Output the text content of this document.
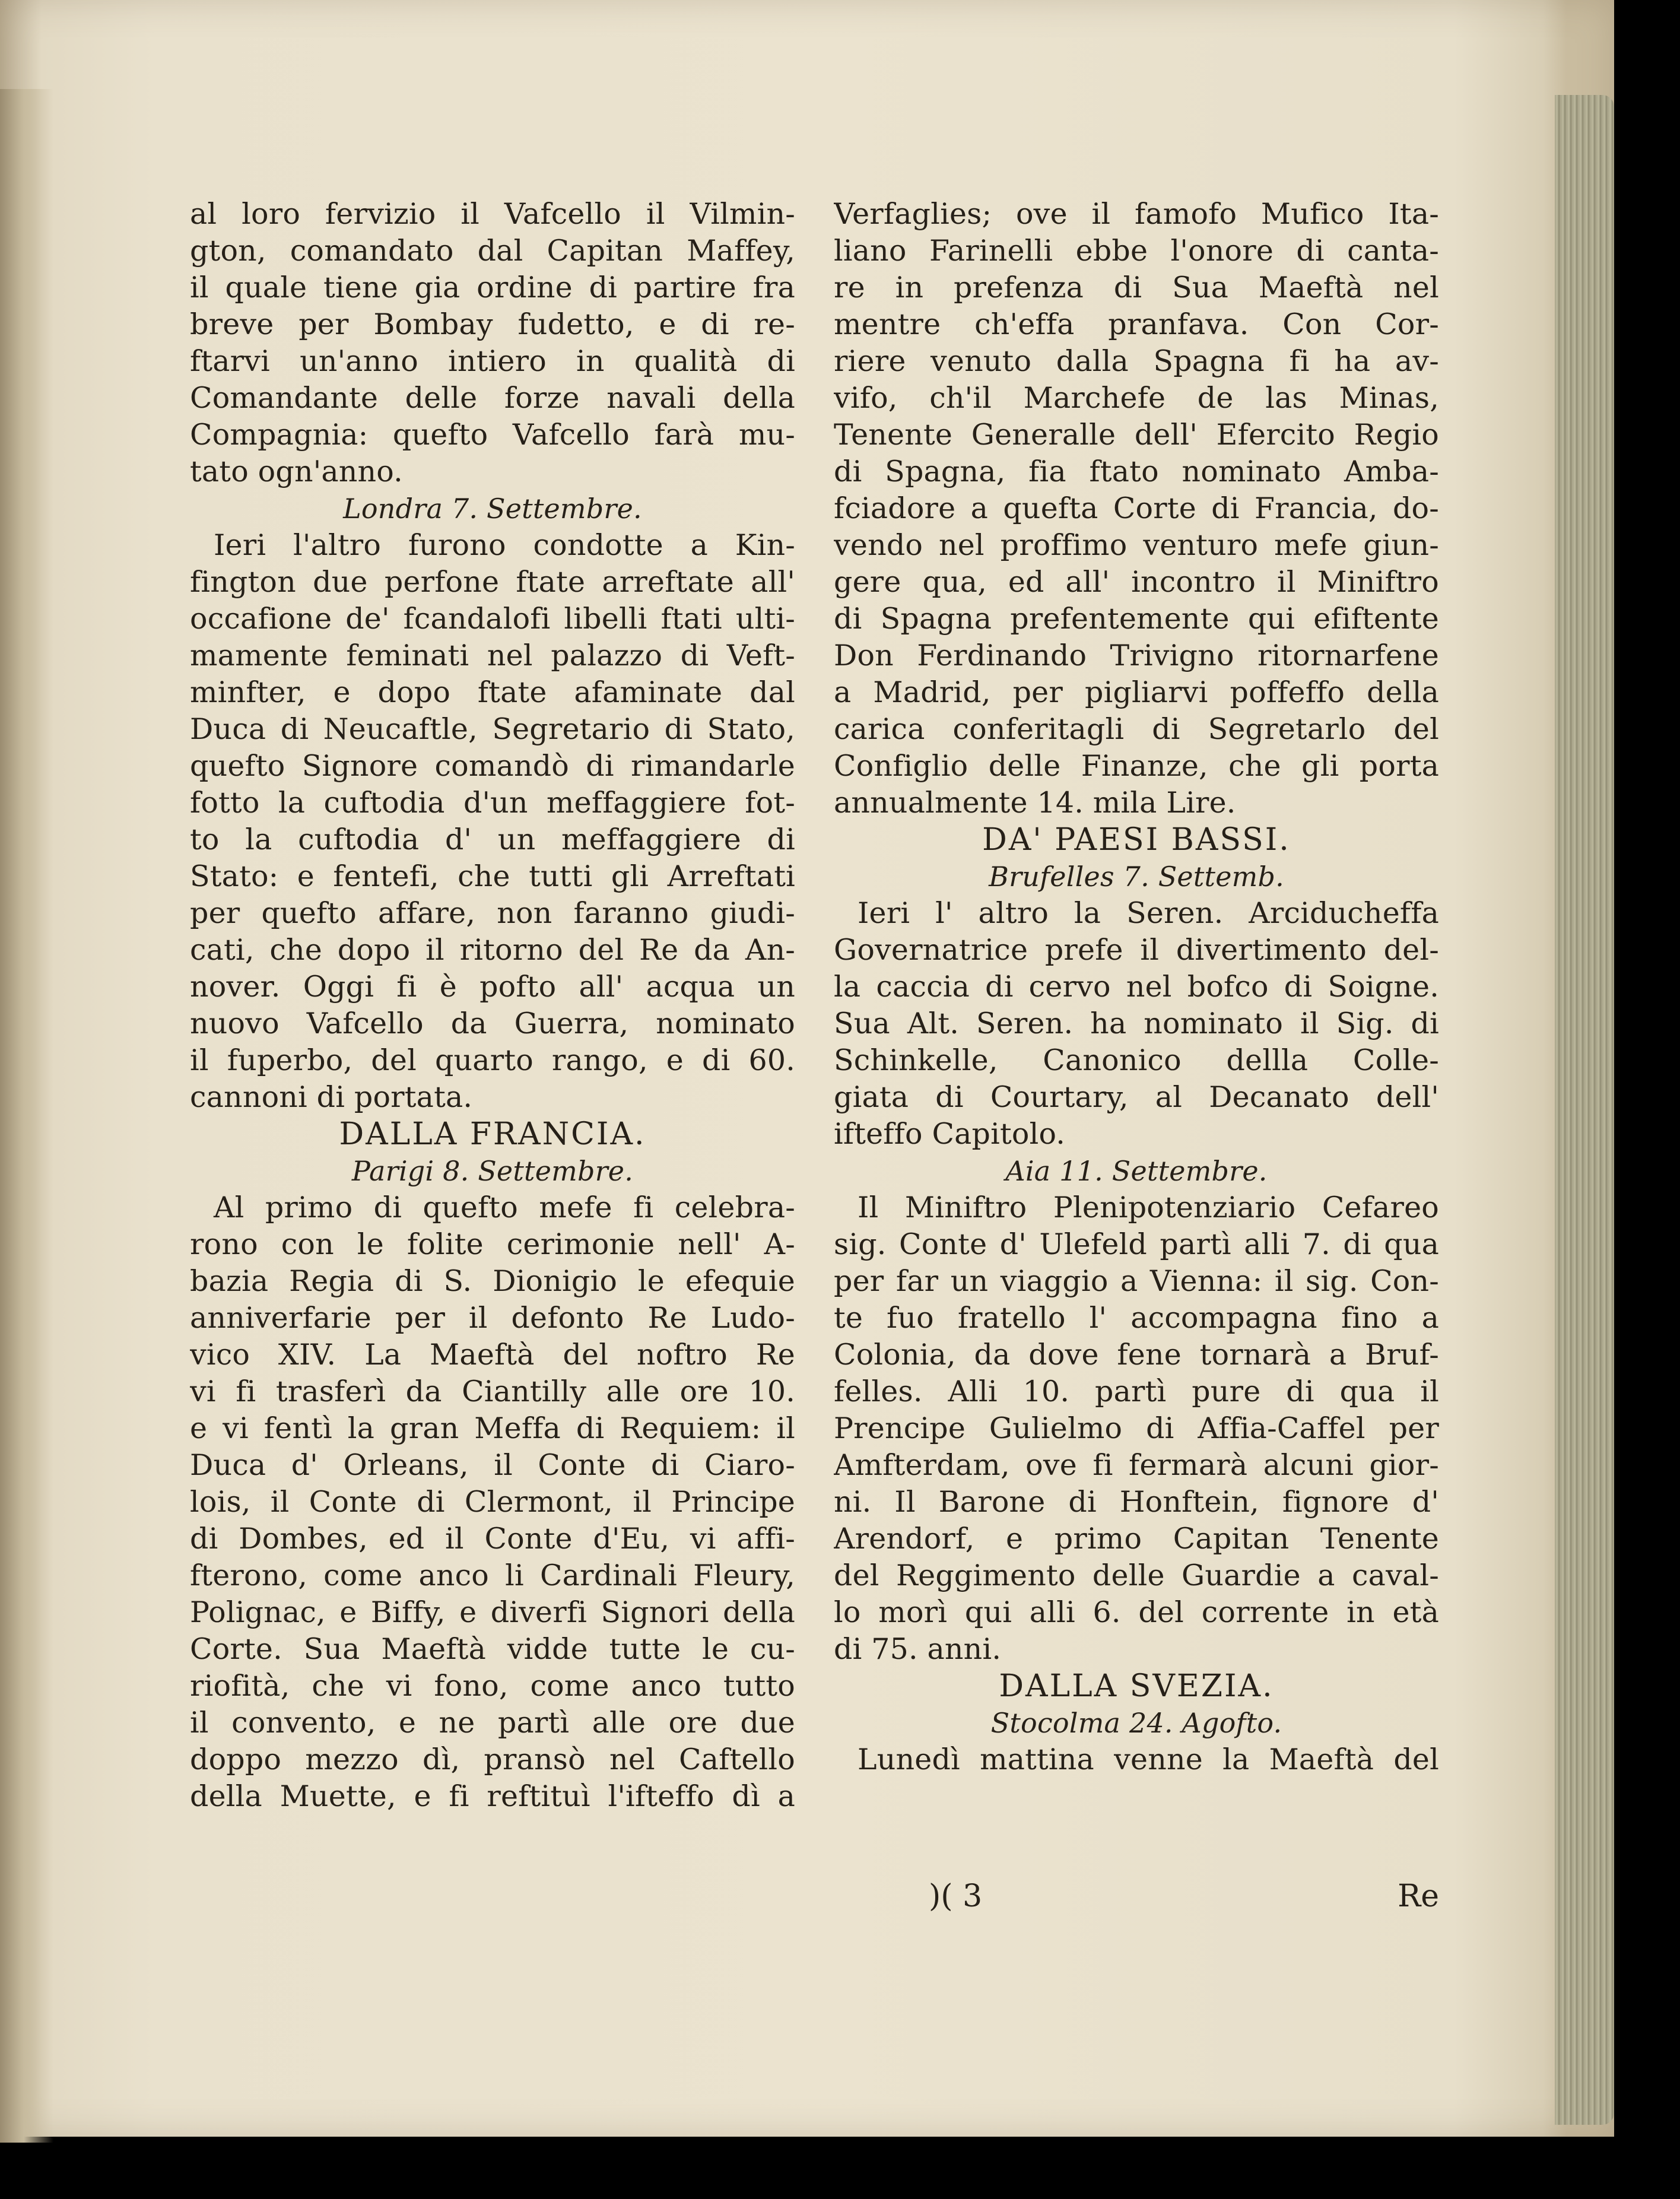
al loro fervizio il Vafcello il Vilmin-
gton, comandato dal Capitan Maffey,
il quale tiene gia ordine di partire fra
breve per Bombay fudetto, e di re-
ftarvi un'anno intiero in qualità di
Comandante delle forze navali della
Compagnia: quefto Vafcello farà mu-
tato ogn'anno.
Londra 7. Settembre.
Ieri l'altro furono condotte a Kin-
fington due perfone ftate arreftate all'
occafione de' fcandalofi libelli ftati ulti-
mamente feminati nel palazzo di Veft-
minfter, e dopo ftate afaminate dal
Duca di Neucaftle, Segretario di Stato,
quefto Signore comandò di rimandarle
fotto la cuftodia d'un meffaggiere fot-
to la cuftodia d' un meffaggiere di
Stato: e fentefi, che tutti gli Arreftati
per quefto affare, non faranno giudi-
cati, che dopo il ritorno del Re da An-
nover. Oggi fi è pofto all' acqua un
nuovo Vafcello da Guerra, nominato
il fuperbo, del quarto rango, e di 60.
cannoni di portata.
DALLA FRANCIA.
Parigi 8. Settembre.
Al primo di quefto mefe fi celebra-
rono con le folite cerimonie nell' A-
bazia Regia di S. Dionigio le efequie
anniverfarie per il defonto Re Ludo-
vico XIV. La Maeftà del noftro Re
vi fi trasferì da Ciantilly alle ore 10.
e vi fentì la gran Meffa di Requiem: il
Duca d' Orleans, il Conte di Ciaro-
lois, il Conte di Clermont, il Principe
di Dombes, ed il Conte d'Eu, vi affi-
fterono, come anco li Cardinali Fleury,
Polignac, e Biffy, e diverfi Signori della
Corte. Sua Maeftà vidde tutte le cu-
riofità, che vi fono, come anco tutto
il convento, e ne partì alle ore due
doppo mezzo dì, pransò nel Caftello
della Muette, e fi reftituì l'ifteffo dì a
Verfaglies; ove il famofo Mufico Ita-
liano Farinelli ebbe l'onore di canta-
re in prefenza di Sua Maeftà nel
mentre ch'effa pranfava. Con Cor-
riere venuto dalla Spagna fi ha av-
vifo, ch'il Marchefe de las Minas,
Tenente Generalle dell' Efercito Regio
di Spagna, fia ftato nominato Amba-
fciadore a quefta Corte di Francia, do-
vendo nel proffimo venturo mefe giun-
gere qua, ed all' incontro il Miniftro
di Spagna prefentemente qui efiftente
Don Ferdinando Trivigno ritornarfene
a Madrid, per pigliarvi poffeffo della
carica conferitagli di Segretarlo del
Configlio delle Finanze, che gli porta
annualmente 14. mila Lire.
DA' PAESI BASSI.
Brufelles 7. Settemb.
Ieri l' altro la Seren. Arciducheffa
Governatrice prefe il divertimento del-
la caccia di cervo nel bofco di Soigne.
Sua Alt. Seren. ha nominato il Sig. di
Schinkelle, Canonico dellla Colle-
giata di Courtary, al Decanato dell'
ifteffo Capitolo.
Aia 11. Settembre.
Il Miniftro Plenipotenziario Cefareo
sig. Conte d' Ulefeld partì alli 7. di qua
per far un viaggio a Vienna: il sig. Con-
te fuo fratello l' accompagna fino a
Colonia, da dove fene tornarà a Bruf-
felles. Alli 10. partì pure di qua il
Prencipe Gulielmo di Affia-Caffel per
Amfterdam, ove fi fermarà alcuni gior-
ni. Il Barone di Honftein, fignore d'
Arendorf, e primo Capitan Tenente
del Reggimento delle Guardie a caval-
lo morì qui alli 6. del corrente in età
di 75. anni.
DALLA SVEZIA.
Stocolma 24. Agofto.
Lunedì mattina venne la Maeftà del
)( 3	Re
